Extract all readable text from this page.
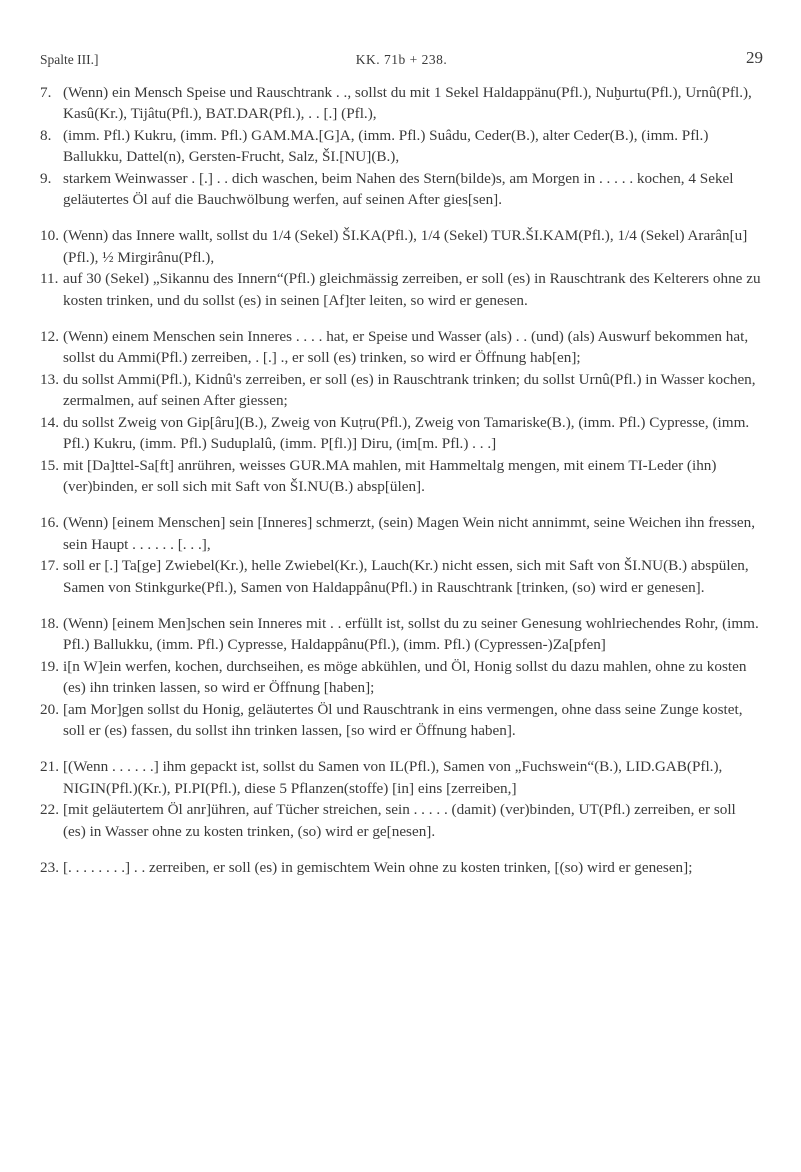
Spalte III.]	KK. 71b + 238.	29
7. (Wenn) ein Mensch Speise und Rauschtrank . ., sollst du mit 1 Sekel Haldappänu(Pfl.), Nuḫurtu(Pfl.), Urnû(Pfl.), Kasû(Kr.), Tijâtu(Pfl.), BAT.DAR(Pfl.), . . [.] (Pfl.),
8. (imm. Pfl.) Kukru, (imm. Pfl.) GAM.MA.[G]A, (imm. Pfl.) Suâdu, Ceder(B.), alter Ceder(B.), (imm. Pfl.) Ballukku, Dattel(n), Gersten-Frucht, Salz, ŠI.[NU](B.),
9. starkem Weinwasser . [.] . . dich waschen, beim Nahen des Stern(bilde)s, am Morgen in . . . . . kochen, 4 Sekel geläutertes Öl auf die Bauchwölbung werfen, auf seinen After gies[sen].
10. (Wenn) das Innere wallt, sollst du 1/4 (Sekel) ŠI.KA(Pfl.), 1/4 (Sekel) TUR.ŠI.KAM(Pfl.), 1/4 (Sekel) Ararân[u](Pfl.), ½ Mirgirânu(Pfl.),
11. auf 30 (Sekel) „Sikannu des Innern“(Pfl.) gleichmässig zerreiben, er soll (es) in Rauschtrank des Kelterers ohne zu kosten trinken, und du sollst (es) in seinen [Af]ter leiten, so wird er genesen.
12. (Wenn) einem Menschen sein Inneres . . . . hat, er Speise und Wasser (als) . . (und) (als) Auswurf bekommen hat, sollst du Ammi(Pfl.) zerreiben, . [.] ., er soll (es) trinken, so wird er Öffnung hab[en];
13. du sollst Ammi(Pfl.), Kidnû's zerreiben, er soll (es) in Rauschtrank trinken; du sollst Urnû(Pfl.) in Wasser kochen, zermalmen, auf seinen After giessen;
14. du sollst Zweig von Gip[âru](B.), Zweig von Kuṭru(Pfl.), Zweig von Tamariske(B.), (imm. Pfl.) Cypresse, (imm. Pfl.) Kukru, (imm. Pfl.) Suduplalû, (imm. P[fl.)] Diru, (im[m. Pfl.) . . .]
15. mit [Da]ttel-Sa[ft] anrühren, weisses GUR.MA mahlen, mit Hammeltalg mengen, mit einem TI-Leder (ihn) (ver)binden, er soll sich mit Saft von ŠI.NU(B.) absp[ülen].
16. (Wenn) [einem Menschen] sein [Inneres] schmerzt, (sein) Magen Wein nicht annimmt, seine Weichen ihn fressen, sein Haupt . . . . . . [. . .],
17. soll er [.] Ta[ge] Zwiebel(Kr.), helle Zwiebel(Kr.), Lauch(Kr.) nicht essen, sich mit Saft von ŠI.NU(B.) abspülen, Samen von Stinkgurke(Pfl.), Samen von Haldappânu(Pfl.) in Rauschtrank [trinken, (so) wird er genesen].
18. (Wenn) [einem Men]schen sein Inneres mit . . erfüllt ist, sollst du zu seiner Genesung wohlriechendes Rohr, (imm. Pfl.) Ballukku, (imm. Pfl.) Cypresse, Haldappânu(Pfl.), (imm. Pfl.) (Cypressen-)Za[pfen]
19. i[n W]ein werfen, kochen, durchseihen, es möge abkühlen, und Öl, Honig sollst du dazu mahlen, ohne zu kosten (es) ihn trinken lassen, so wird er Öffnung [haben];
20. [am Mor]gen sollst du Honig, geläutertes Öl und Rauschtrank in eins vermengen, ohne dass seine Zunge kostet, soll er (es) fassen, du sollst ihn trinken lassen, [so wird er Öffnung haben].
21. [(Wenn . . . . . .] ihm gepackt ist, sollst du Samen von IL(Pfl.), Samen von „Fuchswein“(B.), LID.GAB(Pfl.), NIGIN(Pfl.)(Kr.), PI.PI(Pfl.), diese 5 Pflanzen(stoffe) [in] eins [zerreiben,]
22. [mit geläutertem Öl anr]ühren, auf Tücher streichen, sein . . . . . (damit) (ver)binden, UT(Pfl.) zerreiben, er soll (es) in Wasser ohne zu kosten trinken, (so) wird er ge[nesen].
23. [. . . . . . . .] . . zerreiben, er soll (es) in gemischtem Wein ohne zu kosten trinken, [(so) wird er genesen];
